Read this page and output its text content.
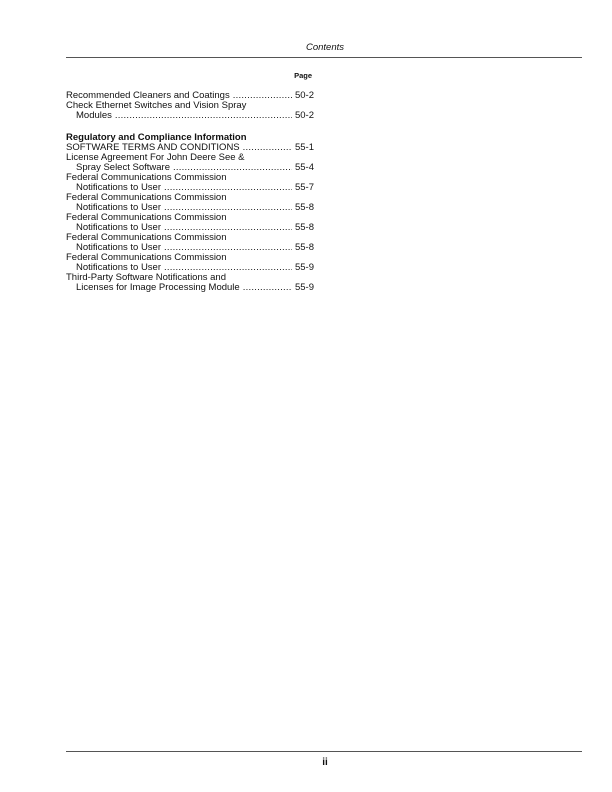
Contents
Page
Recommended Cleaners and Coatings . . .	50-2
Check Ethernet Switches and Vision Spray
Modules . . .	50-2
Regulatory and Compliance Information
SOFTWARE TERMS AND CONDITIONS . . .	55-1
License Agreement For John Deere See &
Spray Select Software . . .	55-4
Federal Communications Commission
Notifications to User . . .	55-7
Federal Communications Commission
Notifications to User . . .	55-8
Federal Communications Commission
Notifications to User . . .	55-8
Federal Communications Commission
Notifications to User . . .	55-8
Federal Communications Commission
Notifications to User . . .	55-9
Third-Party Software Notifications and
Licenses for Image Processing Module . . .	55-9
ii
